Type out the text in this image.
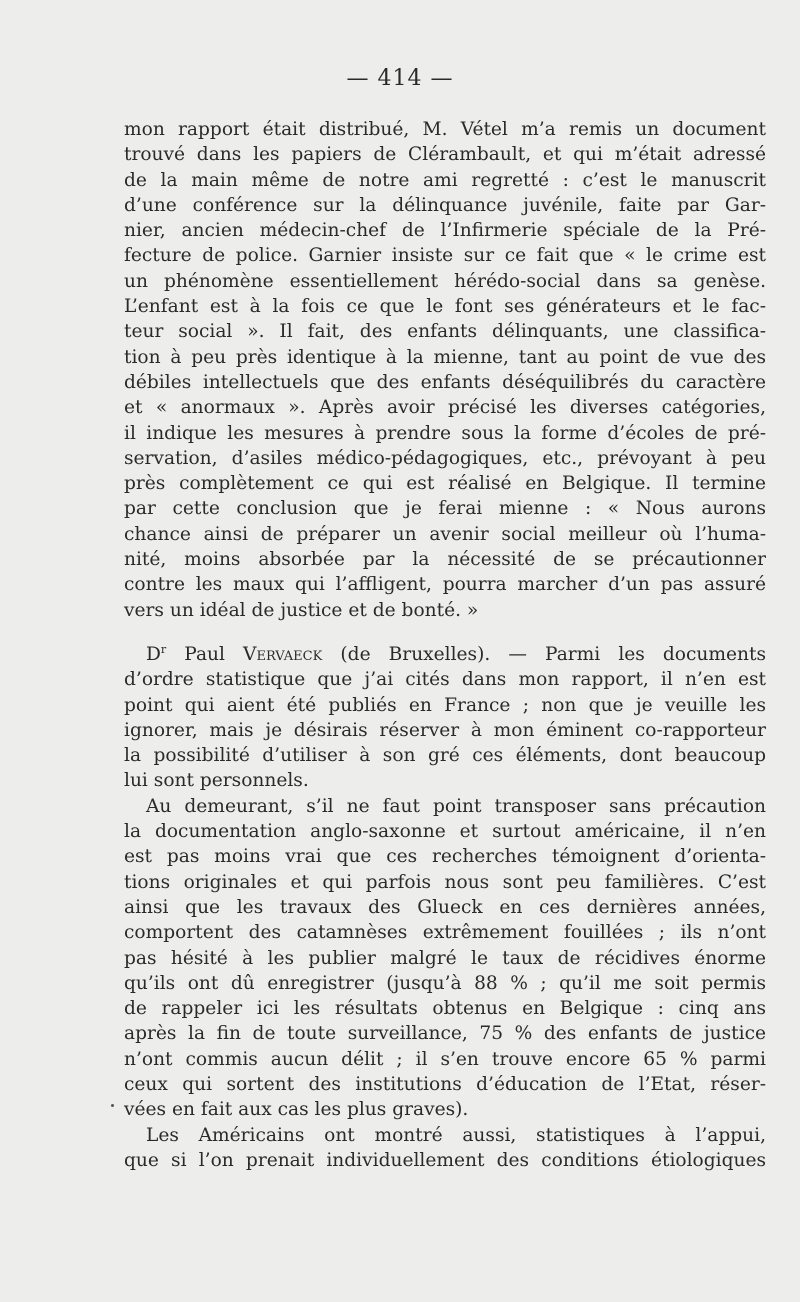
— 414 —
mon rapport était distribué, M. Vétel m’a remis un document
trouvé dans les papiers de Clérambault, et qui m’était adressé
de la main même de notre ami regretté : c’est le manuscrit
d’une conférence sur la délinquance juvénile, faite par Gar-
nier, ancien médecin-chef de l’Infirmerie spéciale de la Pré-
fecture de police. Garnier insiste sur ce fait que « le crime est
un phénomène essentiellement hérédo-social dans sa genèse.
L’enfant est à la fois ce que le font ses générateurs et le fac-
teur social ». Il fait, des enfants délinquants, une classifica-
tion à peu près identique à la mienne, tant au point de vue des
débiles intellectuels que des enfants déséquilibrés du caractère
et « anormaux ». Après avoir précisé les diverses catégories,
il indique les mesures à prendre sous la forme d’écoles de pré-
servation, d’asiles médico-pédagogiques, etc., prévoyant à peu
près complètement ce qui est réalisé en Belgique. Il termine
par cette conclusion que je ferai mienne : « Nous aurons
chance ainsi de préparer un avenir social meilleur où l’huma-
nité, moins absorbée par la nécessité de se précautionner
contre les maux qui l’affligent, pourra marcher d’un pas assuré
vers un idéal de justice et de bonté. »
$D^r$ Paul Vervaeck (de Bruxelles). — Parmi les documents
d’ordre statistique que j’ai cités dans mon rapport, il n’en est
point qui aient été publiés en France ; non que je veuille les
ignorer, mais je désirais réserver à mon éminent co-rapporteur
la possibilité d’utiliser à son gré ces éléments, dont beaucoup
lui sont personnels.
Au demeurant, s’il ne faut point transposer sans précaution
la documentation anglo-saxonne et surtout américaine, il n’en
est pas moins vrai que ces recherches témoignent d’orienta-
tions originales et qui parfois nous sont peu familières. C’est
ainsi que les travaux des Glueck en ces dernières années,
comportent des catamnèses extrêmement fouillées ; ils n’ont
pas hésité à les publier malgré le taux de récidives énorme
qu’ils ont dû enregistrer (jusqu’à 88 % ; qu’il me soit permis
de rappeler ici les résultats obtenus en Belgique : cinq ans
après la fin de toute surveillance, 75 % des enfants de justice
n’ont commis aucun délit ; il s’en trouve encore 65 % parmi
ceux qui sortent des institutions d’éducation de l’Etat, réser-
vées en fait aux cas les plus graves).
Les Américains ont montré aussi, statistiques à l’appui,
que si l’on prenait individuellement des conditions étiologiques
